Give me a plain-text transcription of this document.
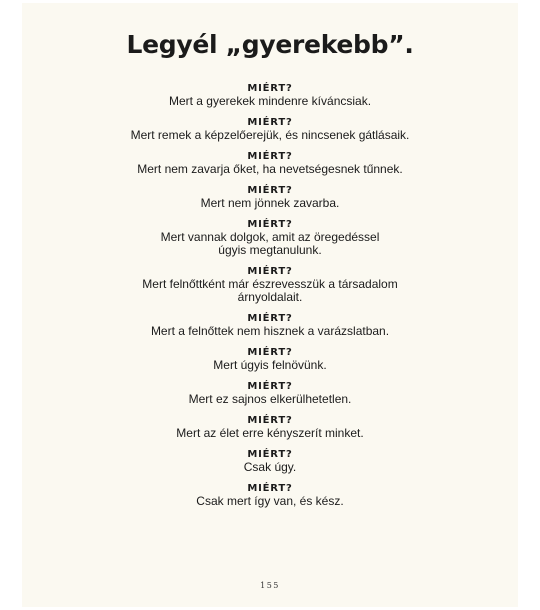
Legyél „gyerekebb”.
MIÉRT?
Mert a gyerekek mindenre kíváncsiak.
MIÉRT?
Mert remek a képzelőerejük, és nincsenek gátlásaik.
MIÉRT?
Mert nem zavarja őket, ha nevetségesnek tűnnek.
MIÉRT?
Mert nem jönnek zavarba.
MIÉRT?
Mert vannak dolgok, amit az öregedéssel
úgyis megtanulunk.
MIÉRT?
Mert felnőttként már észrevesszük a társadalom
árnyoldalait.
MIÉRT?
Mert a felnőttek nem hisznek a varázslatban.
MIÉRT?
Mert úgyis felnövünk.
MIÉRT?
Mert ez sajnos elkerülhetetlen.
MIÉRT?
Mert az élet erre kényszerít minket.
MIÉRT?
Csak úgy.
MIÉRT?
Csak mert így van, és kész.
155
